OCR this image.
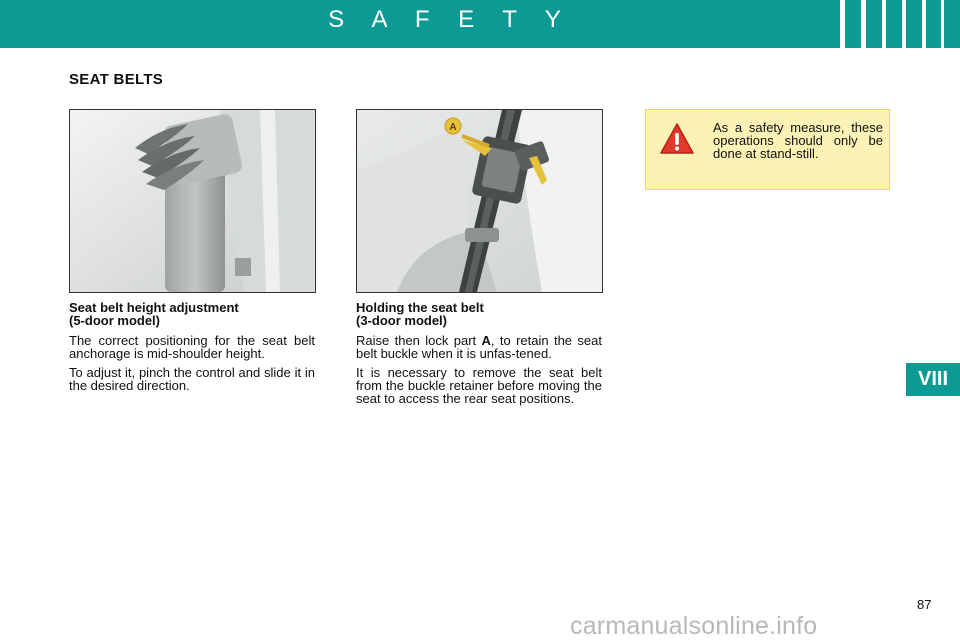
S A F E T Y
SEAT BELTS
A
Seat belt height adjustment
(5-door model)

The correct positioning for the seat belt anchorage is mid-shoulder height.

To adjust it, pinch the control and slide it in the desired direction.

Holding the seat belt
(3-door model)

Raise then lock part A, to retain the seat belt buckle when it is unfas-tened.

It is necessary to remove the seat belt from the buckle retainer before moving the seat to access the rear seat positions.

As a safety measure, these operations should only be done at stand-still.
VIII
87
carmanualsonline.info
